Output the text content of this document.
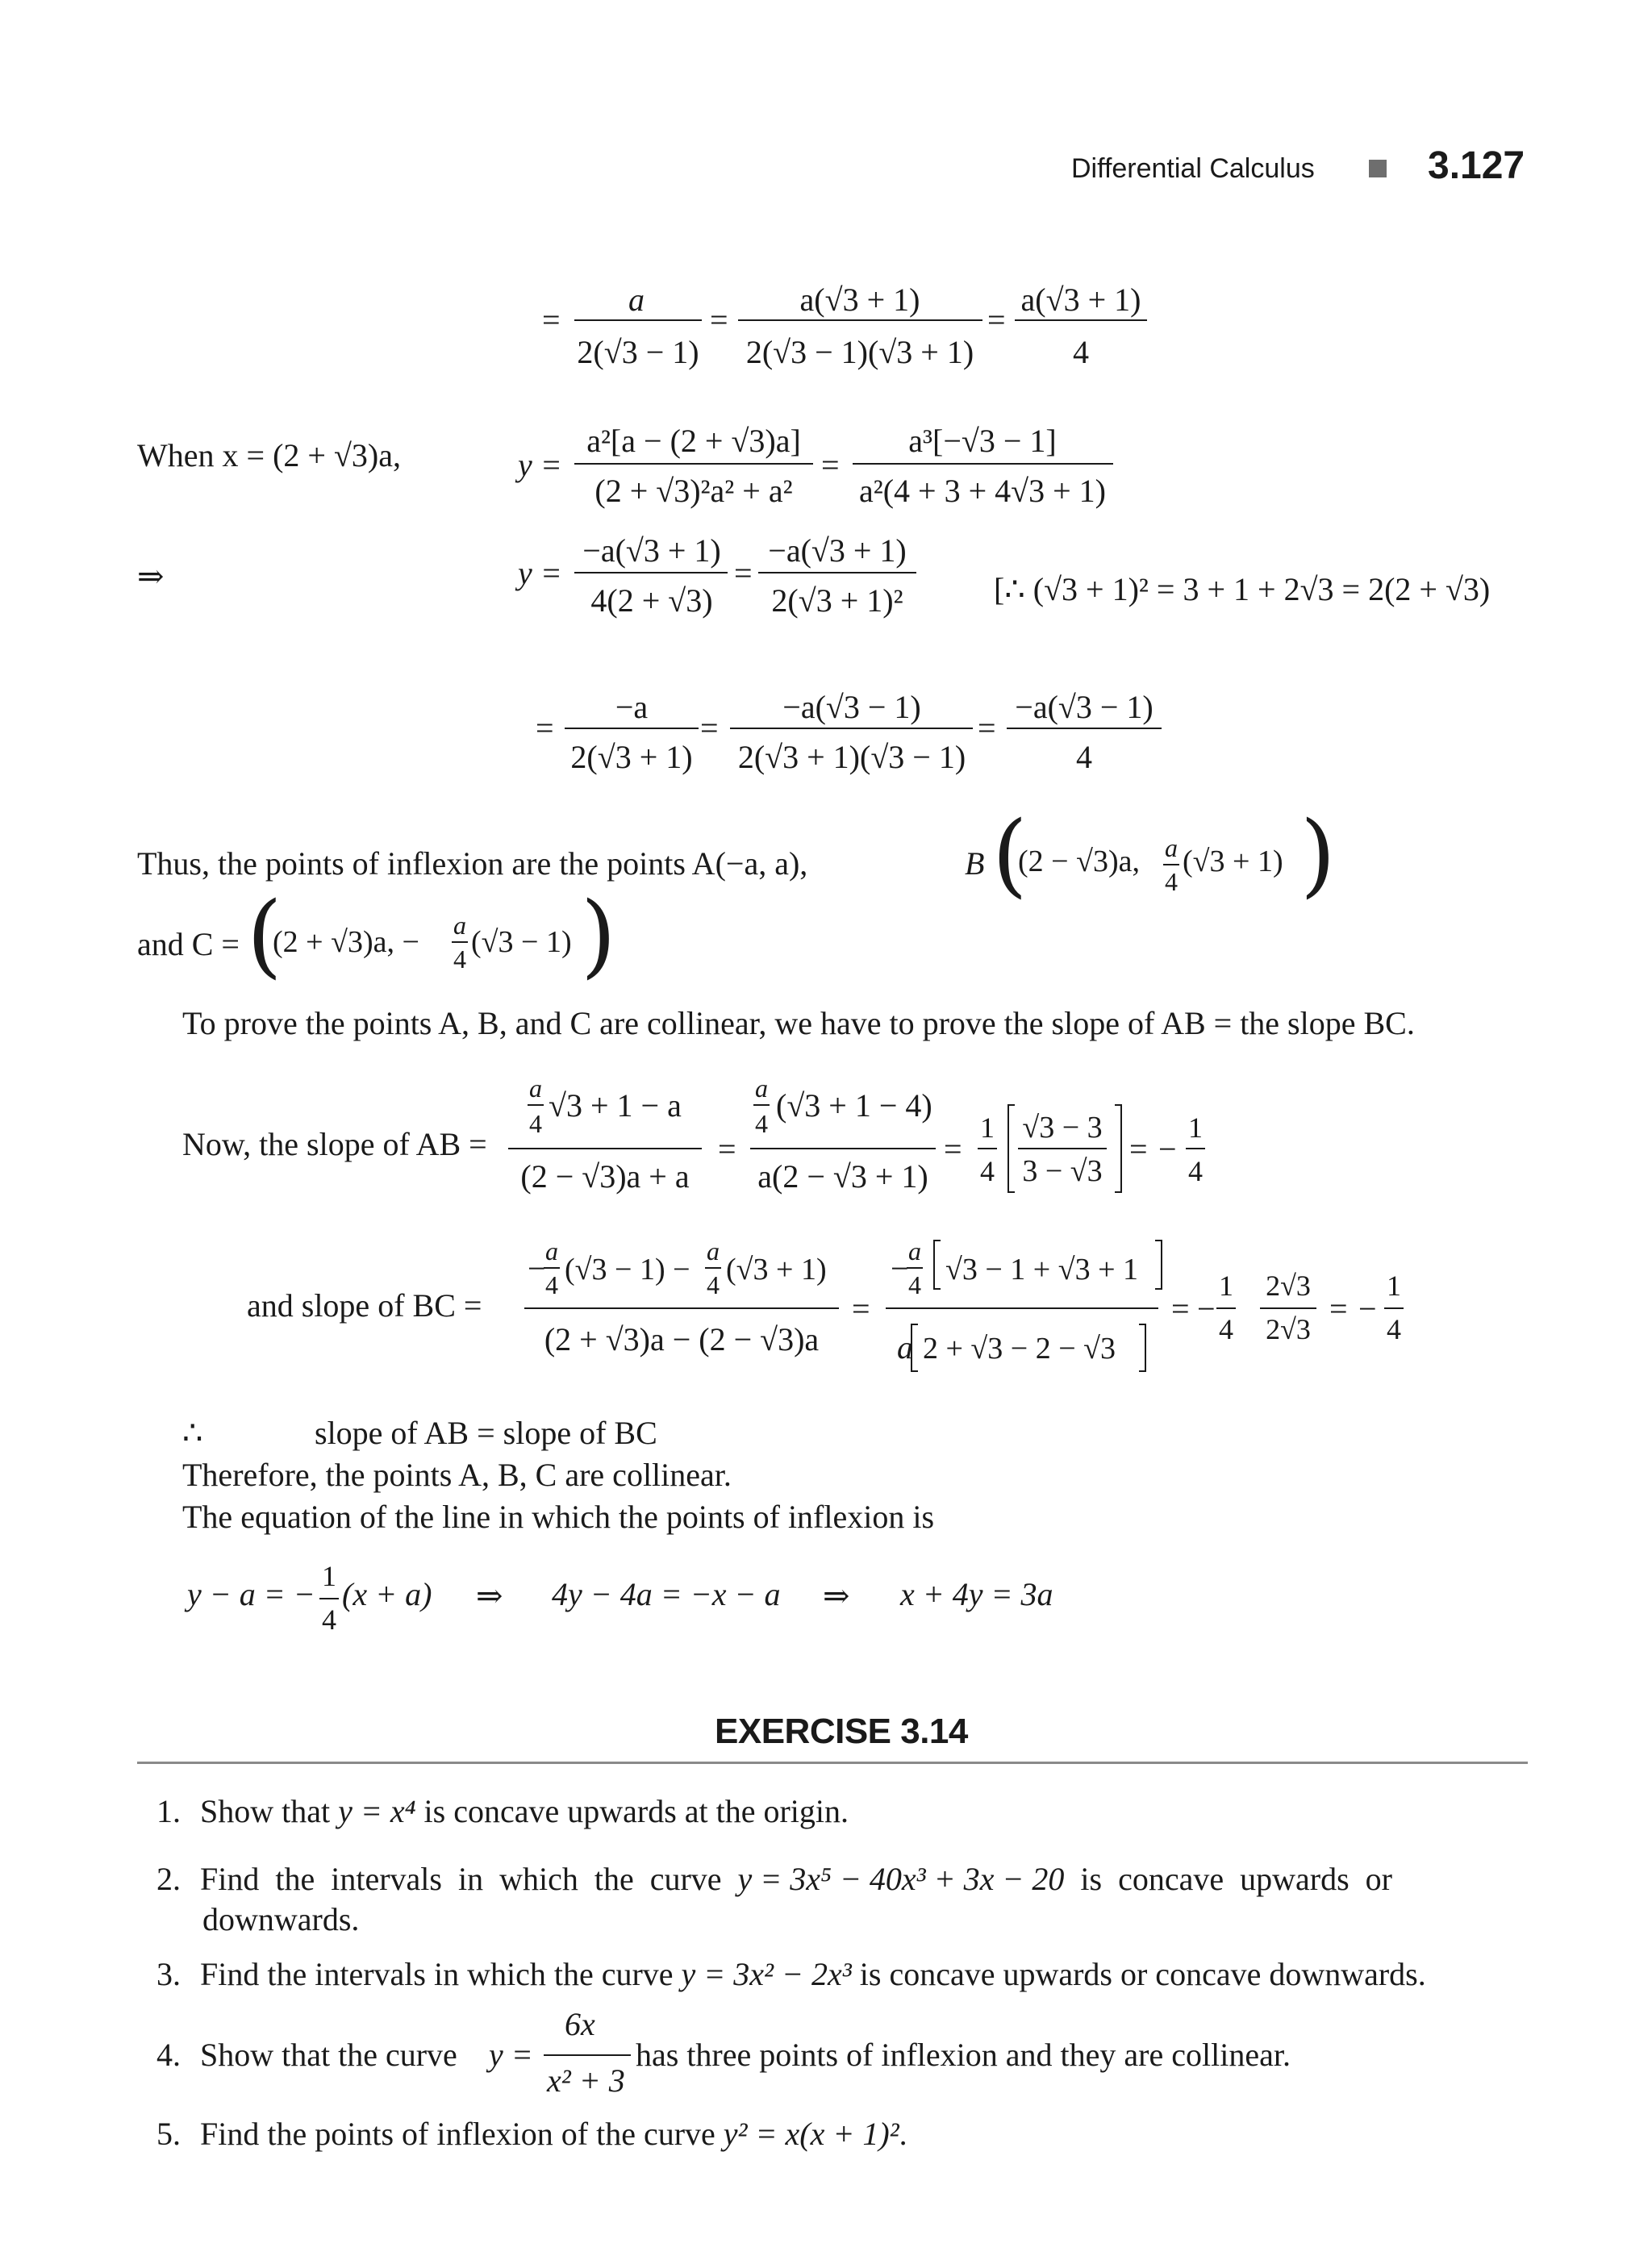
Differential Calculus	3.127
(	)
(	)
=
a
2(√3 − 1)
=
a(√3 + 1)
2(√3 − 1)(√3 + 1)
=
a(√3 + 1)
4
When x = (2 + √3)a,	y =
a²[a − (2 + √3)a]
(2 + √3)²a² + a²
=
a³[−√3 − 1]
a²(4 + 3 + 4√3 + 1)
⇒	y =
−a(√3 + 1)
4(2 + √3)
=
−a(√3 + 1)
2(√3 + 1)²	[∴ (√3 + 1)² = 3 + 1 + 2√3 = 2(2 + √3)
=
−a
2(√3 + 1)
=
−a(√3 − 1)
2(√3 + 1)(√3 − 1)
=
−a(√3 − 1)
4
Thus, the points of inflexion are the points A(−a, a),	B (2 − √3)a, a
4
(√3 + 1)
and C = (2 + √3)a, − a
4 (√3 − 1)
To prove the points A, B, and C are collinear, we have to prove the slope of AB = the slope BC.
Now, the slope of AB =
a
4 √3 + 1 − a
(2 − √3)a + a
=
a
4 (√3 + 1 − 4)
a(2 − √3 + 1)
=
1
4
√3 − 3
3 − √3
= −
1
4
and slope of BC =
− a
4 (√3 − 1) −
a
4 (√3 + 1)
(2 + √3)a − (2 − √3)a
=
− a
4 √3 − 1 + √3 + 1
a 2 + √3 − 2 − √3
= −
1
4
2√3
2√3
= −
1
4
∴	slope of AB = slope of BC
Therefore, the points A, B, C are collinear.
The equation of the line in which the points of inflexion is
y − a = − 1
4
(x + a) ⇒ 4y − 4a = −x − a ⇒ x + 4y = 3a
EXERCISE 3.14
1. Show that y = x⁴ is concave upwards at the origin.
2. Find  the  intervals  in  which  the  curve  y = 3x⁵ − 40x³ + 3x − 20  is  concave  upwards  or
downwards.
3. Find the intervals in which the curve y = 3x² − 2x³ is concave upwards or concave downwards.
4. Show that the curve y =
6x
x² + 3
has three points of inflexion and they are collinear.
5. Find the points of inflexion of the curve y² = x(x + 1)².
